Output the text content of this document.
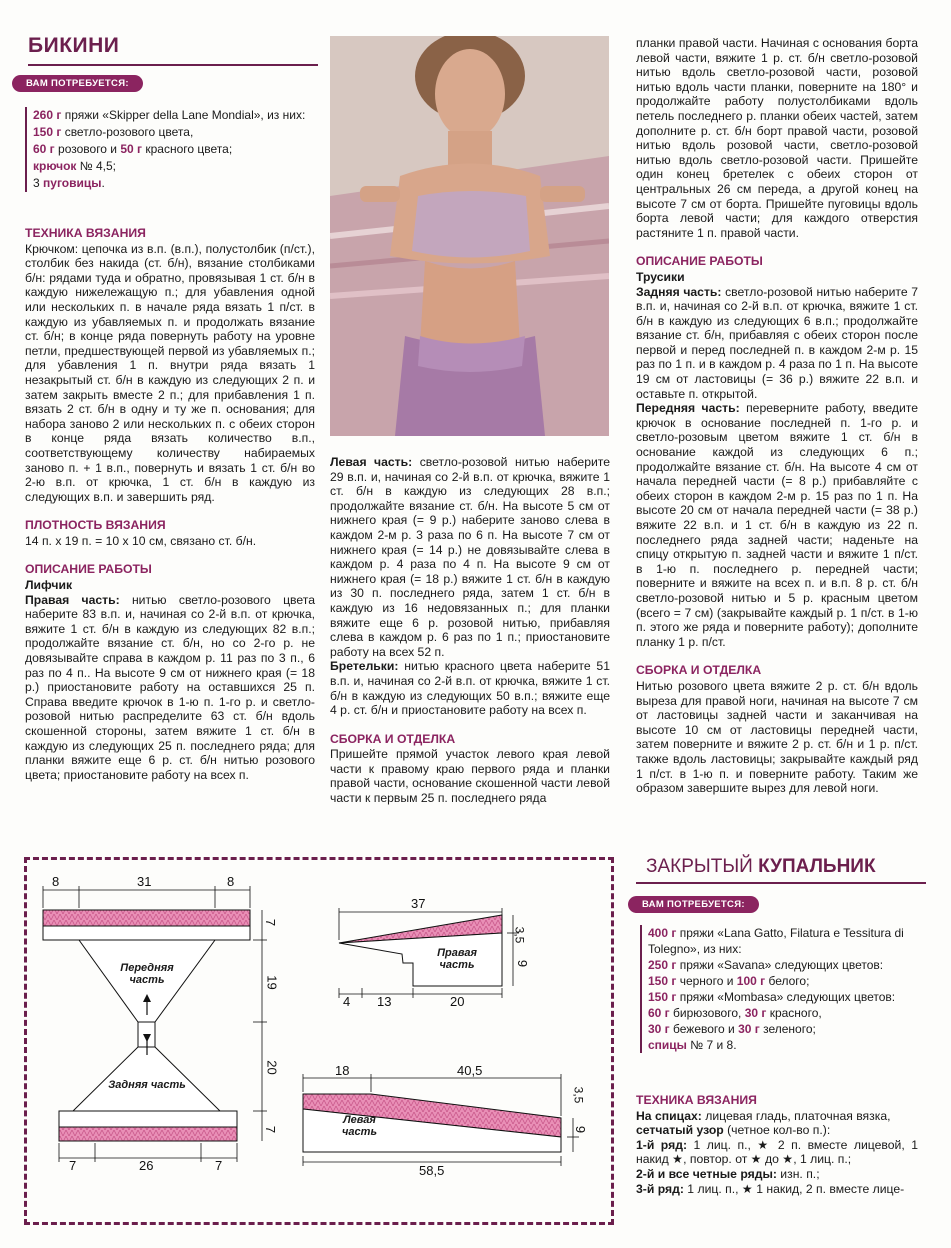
БИКИНИ
ВАМ ПОТРЕБУЕТСЯ:
260 г пряжи «Skipper della Lane Mondial», из них:
150 г светло-розового цвета,
60 г розового и 50 г красного цвета;
крючок № 4,5;
3 пуговицы.
ТЕХНИКА ВЯЗАНИЯ

Крючком: цепочка из в.п. (в.п.), полустолбик (п/ст.), столбик без накида (ст. б/н), вязание столбиками б/н: рядами туда и обратно, провязывая 1 ст. б/н в каждую нижележащую п.; для убавления одной или нескольких п. в начале ряда вязать 1 п/ст. в каждую из убавляемых п. и продолжать вязание ст. б/н; в конце ряда повернуть работу на уровне петли, предшествующей первой из убавляемых п.; для убавления 1 п. внутри ряда вязать 1 незакрытый ст. б/н в каждую из следующих 2 п. и затем закрыть вместе 2 п.; для прибавления 1 п. вязать 2 ст. б/н в одну и ту же п. основания; для набора заново 2 или нескольких п. с обеих сторон в конце ряда вязать количество в.п., соответствующему количеству набираемых заново п. + 1 в.п., повернуть и вязать 1 ст. б/н во 2-ю в.п. от крючка, 1 ст. б/н в каждую из следующих в.п. и завершить ряд.

ПЛОТНОСТЬ ВЯЗАНИЯ

14 п. х 19 п. = 10 х 10 см, связано ст. б/н.

ОПИСАНИЕ РАБОТЫ
Лифчик

Правая часть: нитью светло-розового цвета наберите 83 в.п. и, начиная со 2-й в.п. от крючка, вяжите 1 ст. б/н в каждую из следующих 82 в.п.; продолжайте вязание ст. б/н, но со 2-го р. не довязывайте справа в каждом р. 11 раз по 3 п., 6 раз по 4 п.. На высоте 9 см от нижнего края (= 18 р.) приостановите работу на оставшихся 25 п. Справа введите крючок в 1-ю п. 1-го р. и светло-розовой нитью распределите 63 ст. б/н вдоль скошенной стороны, затем вяжите 1 ст. б/н в каждую из следующих 25 п. последнего ряда; для планки вяжите еще 6 р. ст. б/н нитью розового цвета; приостановите работу на всех п.

Левая часть: светло-розовой нитью наберите 29 в.п. и, начиная со 2-й в.п. от крючка, вяжите 1 ст. б/н в каждую из следующих 28 в.п.; продолжайте вязание ст. б/н. На высоте 5 см от нижнего края (= 9 р.) наберите заново слева в каждом 2-м р. 3 раза по 6 п. На высоте 7 см от нижнего края (= 14 р.) не довязывайте слева в каждом р. 4 раза по 4 п. На высоте 9 см от нижнего края (= 18 р.) вяжите 1 ст. б/н в каждую из 30 п. последнего ряда, затем 1 ст. б/н в каждую из 16 недовязанных п.; для планки вяжите еще 6 р. розовой нитью, прибавляя слева в каждом р. 6 раз по 1 п.; приостановите работу на всех 52 п.

Бретельки: нитью красного цвета наберите 51 в.п. и, начиная со 2-й в.п. от крючка, вяжите 1 ст. б/н в каждую из следующих 50 в.п.; вяжите еще 4 р. ст. б/н и приостановите работу на всех п.

СБОРКА И ОТДЕЛКА

Пришейте прямой участок левого края левой части к правому краю первого ряда и планки правой части, основание скошенной части левой части к первым 25 п. последнего ряда

планки правой части. Начиная с основания борта левой части, вяжите 1 р. ст. б/н светло-розовой нитью вдоль светло-розовой части, розовой нитью вдоль части планки, поверните на 180° и продолжайте работу полустолбиками вдоль петель последнего р. планки обеих частей, затем дополните р. ст. б/н борт правой части, розовой нитью вдоль розовой части, светло-розовой нитью вдоль светло-розовой части. Пришейте один конец бретелек с обеих сторон от центральных 26 см переда, а другой конец на высоте 7 см от борта. Пришейте пуговицы вдоль борта левой части; для каждого отверстия растяните 1 п. правой части.

ОПИСАНИЕ РАБОТЫ
Трусики

Задняя часть: светло-розовой нитью наберите 7 в.п. и, начиная со 2-й в.п. от крючка, вяжите 1 ст. б/н в каждую из следующих 6 в.п.; продолжайте вязание ст. б/н, прибавляя с обеих сторон после первой и перед последней п. в каждом 2-м р. 15 раз по 1 п. и в каждом р. 4 раза по 1 п. На высоте 19 см от ластовицы (= 36 р.) вяжите 22 в.п. и оставьте п. открытой.

Передняя часть: переверните работу, введите крючок в основание последней п. 1-го р. и светло-розовым цветом вяжите 1 ст. б/н в основание каждой из следующих 6 п.; продолжайте вязание ст. б/н. На высоте 4 см от начала передней части (= 8 р.) прибавляйте с обеих сторон в каждом 2-м р. 15 раз по 1 п. На высоте 20 см от начала передней части (= 38 р.) вяжите 22 в.п. и 1 ст. б/н в каждую из 22 п. последнего ряда задней части; наденьте на спицу открытую п. задней части и вяжите 1 п/ст. в 1-ю п. последнего р. передней части; поверните и вяжите на всех п. и в.п. 8 р. ст. б/н светло-розовой нитью и 5 р. красным цветом (всего = 7 см) (закрывайте каждый р. 1 п/ст. в 1-ю п. этого же ряда и поверните работу); дополните планку 1 р. п/ст.

СБОРКА И ОТДЕЛКА

Нитью розового цвета вяжите 2 р. ст. б/н вдоль выреза для правой ноги, начиная на высоте 7 см от ластовицы задней части и заканчивая на высоте 10 см от ластовицы передней части, затем поверните и вяжите 2 р. ст. б/н и 1 р. п/ст. также вдоль ластовицы; закрывайте каждый ряд 1 п/ст. в 1-ю п. и поверните работу. Таким же образом завершите вырез для левой ноги.

8	31	8
7
19
20
7
Передняя часть
Задняя часть
7	26	7
37
3,5
9
Правая часть
4 13	20
18	40,5
3,5
9
Левая часть
58,5
ЗАКРЫТЫЙ КУПАЛЬНИК
ВАМ ПОТРЕБУЕТСЯ:
400 г пряжи «Lana Gatto, Filatura e Tessitura di Tolegno», из них:
250 г пряжи «Savana» следующих цветов:
150 г черного и 100 г белого;
150 г пряжи «Mombasa» следующих цветов:
60 г бирюзового, 30 г красного,
30 г бежевого и 30 г зеленого;
спицы № 7 и 8.
ТЕХНИКА ВЯЗАНИЯ

На спицах: лицевая гладь, платочная вязка,

сетчатый узор (четное кол-во п.):

1-й ряд: 1 лиц. п., ★ 2 п. вместе лицевой, 1 накид ★, повтор. от ★ до ★, 1 лиц. п.;

2-й и все четные ряды: изн. п.;

3-й ряд: 1 лиц. п., ★ 1 накид, 2 п. вместе лице-
